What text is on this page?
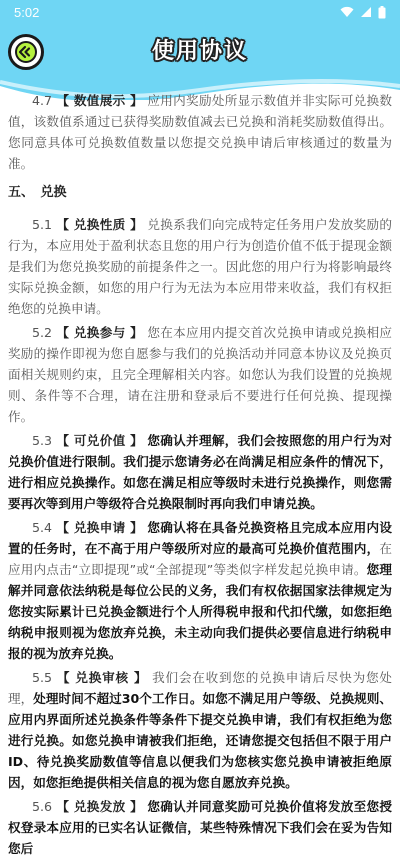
5:02
使用协议

4.7 【 数值展示 】 应用内奖励处所显示数值并非实际可兑换数值，该数值系通过已获得奖励数值减去已兑换和消耗奖励数值得出。您同意具体可兑换数值数量以您提交兑换申请后审核通过的数量为准。

五、　兑换

5.1 【 兑换性质 】 兑换系我们向完成特定任务用户发放奖励的行为，本应用处于盈利状态且您的用户行为创造价值不低于提现金额是我们为您兑换奖励的前提条件之一。因此您的用户行为将影响最终实际兑换金额，如您的用户行为无法为本应用带来收益，我们有权拒绝您的兑换申请。

5.2 【 兑换参与 】 您在本应用内提交首次兑换申请或兑换相应奖励的操作即视为您自愿参与我们的兑换活动并同意本协议及兑换页面相关规则约束，且完全理解相关内容。如您认为我们设置的兑换规则、条件等不合理，请在注册和登录后不要进行任何兑换、提现操作。

5.3 【 可兑价值 】 您确认并理解，我们会按照您的用户行为对兑换价值进行限制。我们提示您请务必在尚满足相应条件的情况下，进行相应兑换操作。如您在满足相应等级时未进行兑换操作，则您需要再次等到用户等级符合兑换限制时再向我们申请兑换。

5.4 【 兑换申请 】 您确认将在具备兑换资格且完成本应用内设置的任务时，在不高于用户等级所对应的最高可兑换价值范围内，在应用内点击“立即提现”或“全部提现”等类似字样发起兑换申请。您理解并同意依法纳税是每位公民的义务，我们有权依据国家法律规定为您按实际累计已兑换金额进行个人所得税申报和代扣代缴，如您拒绝纳税申报则视为您放弃兑换，未主动向我们提供必要信息进行纳税申报的视为放弃兑换。

5.5 【 兑换审核 】 我们会在收到您的兑换申请后尽快为您处理，处理时间不超过30个工作日。如您不满足用户等级、兑换规则、应用内界面所述兑换条件等条件下提交兑换申请，我们有权拒绝为您进行兑换。如您兑换申请被我们拒绝，还请您提交包括但不限于用户ID、待兑换奖励数值等信息以便我们为您核实您兑换申请被拒绝原因，如您拒绝提供相关信息的视为您自愿放弃兑换。

5.6 【 兑换发放 】 您确认并同意奖励可兑换价值将发放至您授权登录本应用的已实名认证微信，某些特殊情况下我们会在妥为告知您后
